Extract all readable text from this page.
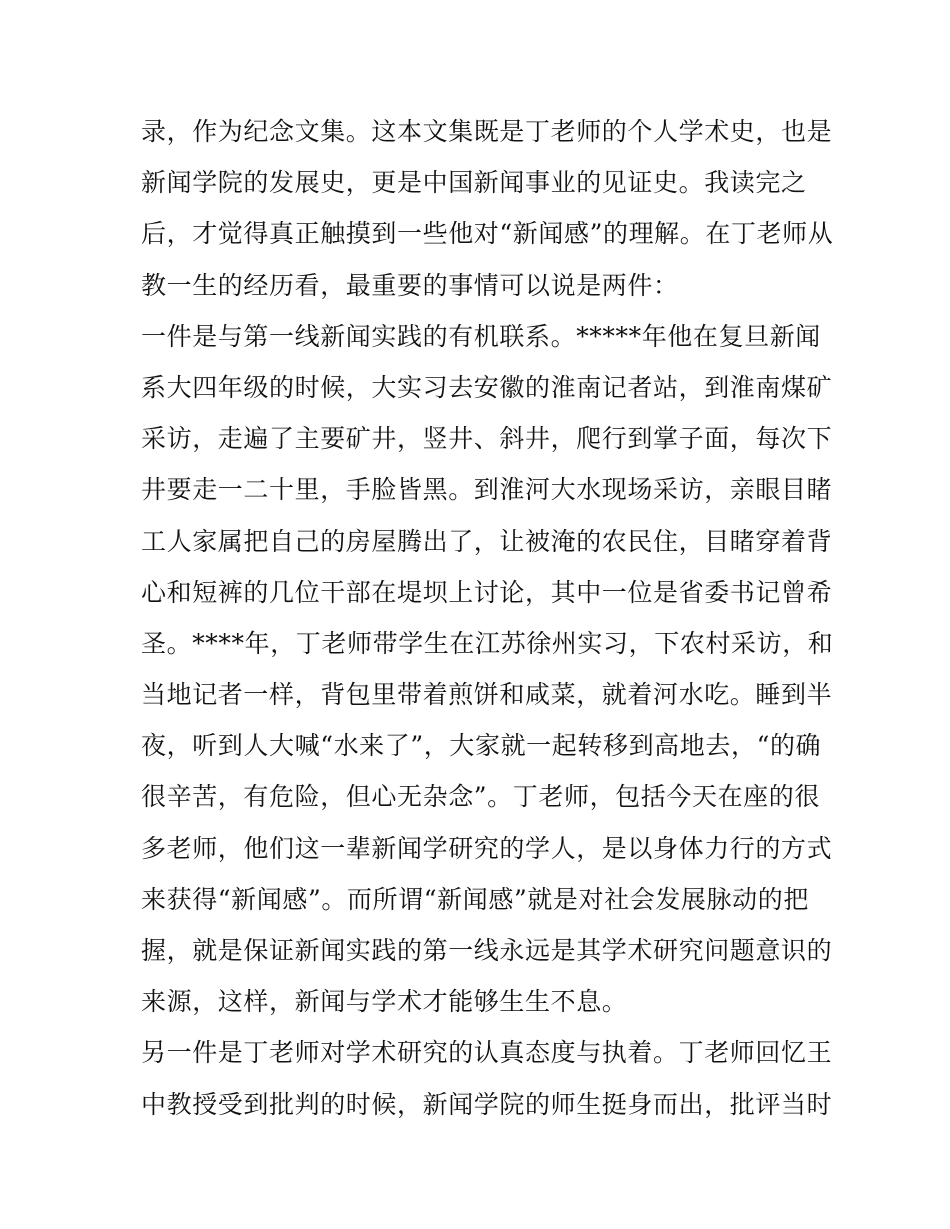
录，作为纪念文集。这本文集既是丁老师的个人学术史，也是
新闻学院的发展史，更是中国新闻事业的见证史。我读完之
后，才觉得真正触摸到一些他对“新闻感”的理解。在丁老师从
教一生的经历看，最重要的事情可以说是两件：
一件是与第一线新闻实践的有机联系。*****年他在复旦新闻
系大四年级的时候，大实习去安徽的淮南记者站，到淮南煤矿
采访，走遍了主要矿井，竖井、斜井，爬行到掌子面，每次下
井要走一二十里，手脸皆黑。到淮河大水现场采访，亲眼目睹
工人家属把自己的房屋腾出了，让被淹的农民住，目睹穿着背
心和短裤的几位干部在堤坝上讨论，其中一位是省委书记曾希
圣。****年，丁老师带学生在江苏徐州实习，下农村采访，和
当地记者一样，背包里带着煎饼和咸菜，就着河水吃。睡到半
夜，听到人大喊“水来了”，大家就一起转移到高地去，“的确
很辛苦，有危险，但心无杂念”。丁老师，包括今天在座的很
多老师，他们这一辈新闻学研究的学人，是以身体力行的方式
来获得“新闻感”。而所谓“新闻感”就是对社会发展脉动的把
握，就是保证新闻实践的第一线永远是其学术研究问题意识的
来源，这样，新闻与学术才能够生生不息。
另一件是丁老师对学术研究的认真态度与执着。丁老师回忆王
中教授受到批判的时候，新闻学院的师生挺身而出，批评当时
